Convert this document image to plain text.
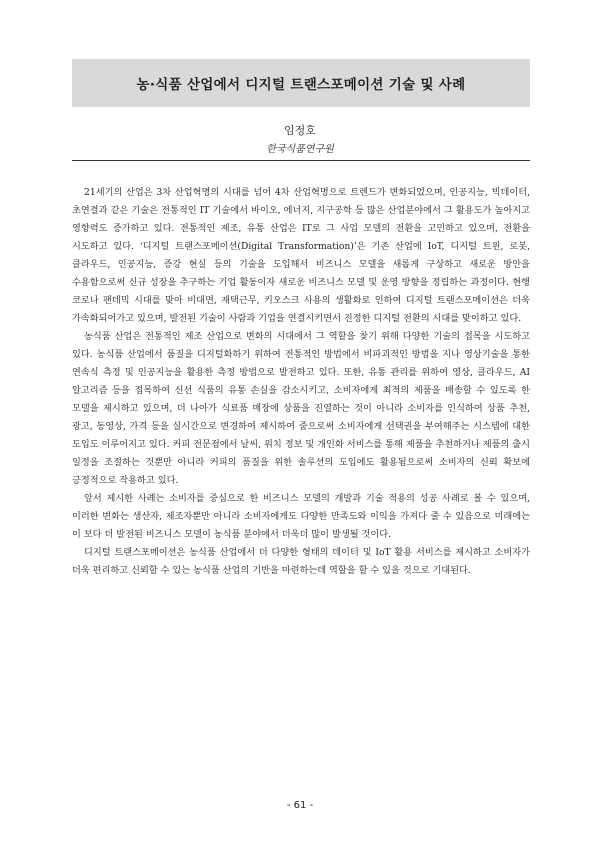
농·식품 산업에서 디지털 트랜스포메이션 기술 및 사례
임정호
한국식품연구원

21세기의 산업은 3차 산업혁명의 시대를 넘어 4차 산업혁명으로 트렌드가 변화되었으며, 인공지능, 빅데이터, 초연결과 같은 기술은 전통적인 IT 기술에서 바이오, 에너지, 지구공학 등 많은 산업분야에서 그 활용도가 높아지고 영향력도 증가하고 있다. 전통적인 제조, 유통 산업은 IT로 그 사업 모델의 전환을 고민하고 있으며, 전환을 시도하고 있다. ‘디지털 트랜스포메이션(Digital Transformation)’은 기존 산업에 IoT, 디지털 트윈, 로봇, 클라우드, 인공지능, 증강 현실 등의 기술을 도입해서 비즈니스 모델을 새롭게 구상하고 새로운 방안을 수용함으로써 신규 성장을 추구하는 기업 활동이자 새로운 비즈니스 모델 및 운영 방향을 정립하는 과정이다. 현행 코로나 팬데믹 시대를 맞아 비대면, 재택근무, 키오스크 사용의 생활화로 인하여 디지털 트랜스포메이션은 더욱 가속화되어가고 있으며, 발전된 기술이 사람과 기업을 연결시키면서 진정한 디지털 전환의 시대를 맞이하고 있다.

농식품 산업은 전통적인 제조 산업으로 변화의 시대에서 그 역할을 찾기 위해 다양한 기술의 접목을 시도하고 있다. 농식품 산업에서 품질을 디지털화하기 위하여 전통적인 방법에서 비파괴적인 방법을 지나 영상기술을 통한 연속식 측정 및 인공지능을 활용한 측정 방법으로 발전하고 있다. 또한, 유통 관리를 위하여 영상, 클라우드, AI 알고리즘 등을 접목하여 신선 식품의 유통 손실을 감소시키고, 소비자에게 최적의 제품을 배송할 수 있도록 한 모델을 제시하고 있으며, 더 나아가 식료품 매장에 상품을 진열하는 것이 아니라 소비자를 인식하여 상품 추천, 광고, 동영상, 가격 등을 실시간으로 변경하여 제시하여 줌으로써 소비자에게 선택권을 부여해주는 시스템에 대한 도입도 이루어지고 있다. 커피 전문점에서 날씨, 위치 정보 및 개인화 서비스를 통해 제품을 추천하거나 제품의 출시 일정을 조절하는 것뿐만 아니라 커피의 품질을 위한 솔루션의 도입에도 활용됨으로써 소비자의 신뢰 확보에 긍정적으로 작용하고 있다.

앞서 제시한 사례는 소비자를 중심으로 한 비즈니스 모델의 개발과 기술 적용의 성공 사례로 볼 수 있으며, 이러한 변화는 생산자, 제조자뿐만 아니라 소비자에게도 다양한 만족도와 이익을 가져다 줄 수 있음으로 미래에는 이 보다 더 발전된 비즈니스 모델이 농식품 분야에서 더욱더 많이 발생될 것이다.

디지털 트랜스포메이션은 농식품 산업에서 더 다양한 형태의 데이터 및 IoT 활용 서비스를 제시하고 소비자가 더욱 편리하고 신뢰할 수 있는 농식품 산업의 기반을 마련하는데 역할을 할 수 있을 것으로 기대된다.

- 61 -
